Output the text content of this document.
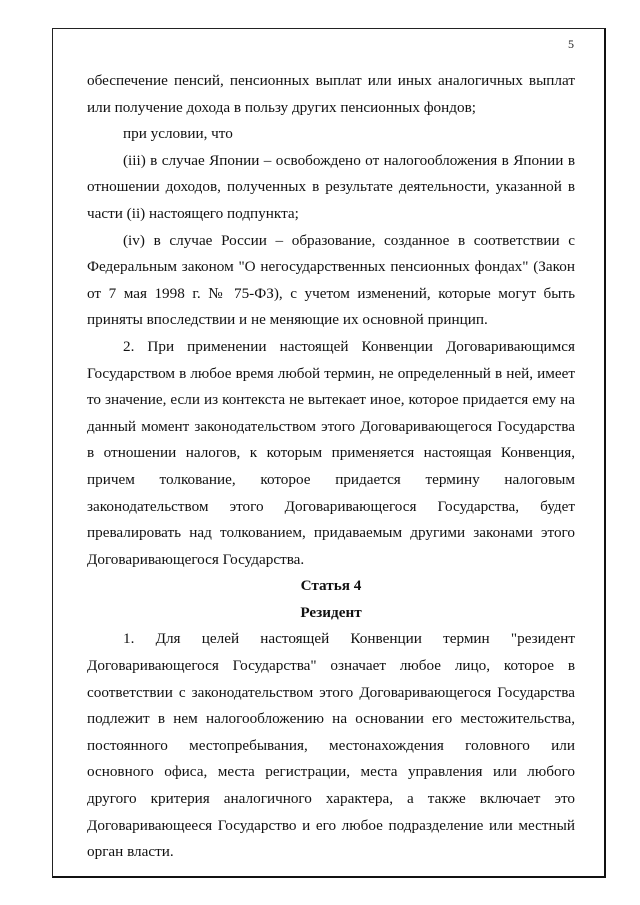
5

обеспечение пенсий, пенсионных выплат или иных аналогичных выплат или получение дохода в пользу других пенсионных фондов;

при условии, что

(iii) в случае Японии – освобождено от налогообложения в Японии в отношении доходов, полученных в результате деятельности, указанной в части (ii) настоящего подпункта;

(iv) в случае России – образование, созданное в соответствии с Федеральным законом "О негосударственных пенсионных фондах" (Закон от 7 мая 1998 г. № 75-ФЗ), с учетом изменений, которые могут быть приняты впоследствии и не меняющие их основной принцип.

2. При применении настоящей Конвенции Договаривающимся Государством в любое время любой термин, не определенный в ней, имеет то значение, если из контекста не вытекает иное, которое придается ему на данный момент законодательством этого Договаривающегося Государства в отношении налогов, к которым применяется настоящая Конвенция, причем толкование, которое придается термину налоговым законодательством этого Договаривающегося Государства, будет превалировать над толкованием, придаваемым другими законами этого Договаривающегося Государства.

Статья 4

Резидент

1. Для целей настоящей Конвенции термин "резидент Договаривающегося Государства" означает любое лицо, которое в соответствии с законодательством этого Договаривающегося Государства подлежит в нем налогообложению на основании его местожительства, постоянного местопребывания, местонахождения головного или основного офиса, места регистрации, места управления или любого другого критерия аналогичного характера, а также включает это Договаривающееся Государство и его любое подразделение или местный орган власти.
